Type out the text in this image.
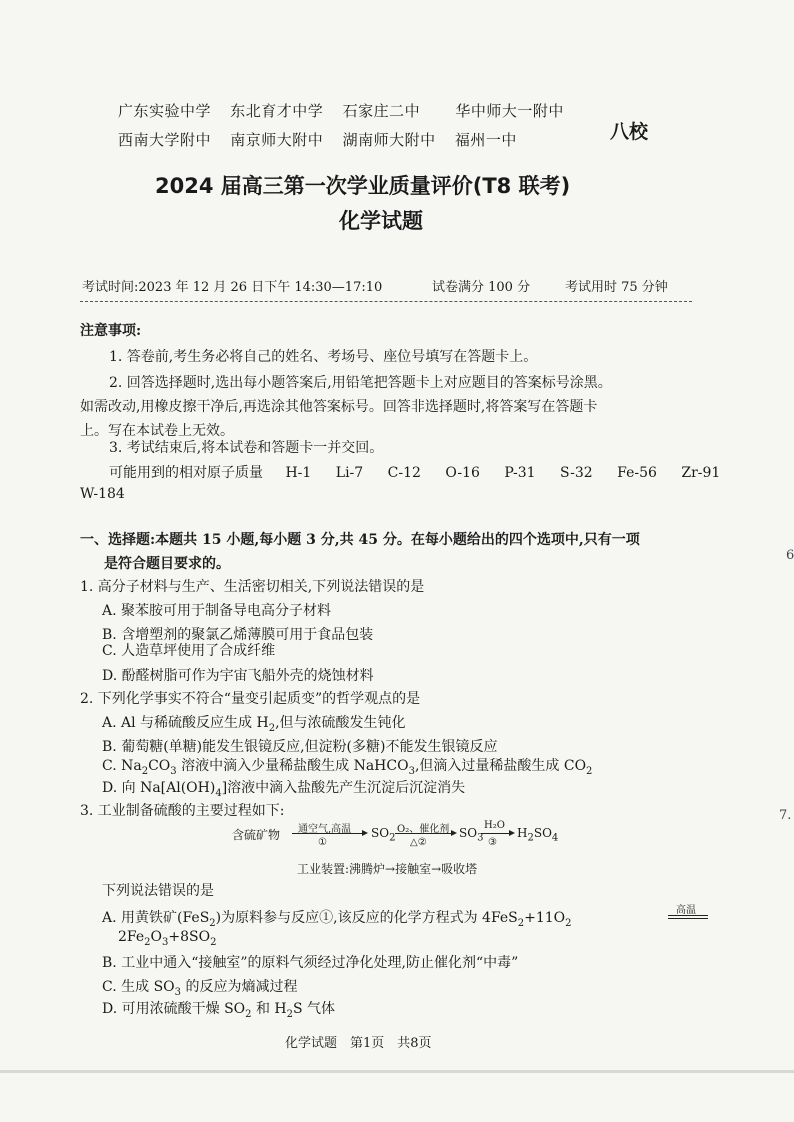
广东实验中学 东北育才中学 石家庄二中 华中师大一附中
西南大学附中 南京师大附中 湖南师大附中 福州一中	八校
2024 届高三第一次学业质量评价(T8 联考)
化学试题
考试时间:2023 年 12 月 26 日下午 14:30—17:10	试卷满分 100 分	考试用时 75 分钟
注意事项:
1. 答卷前,考生务必将自己的姓名、考场号、座位号填写在答题卡上。
2. 回答选择题时,选出每小题答案后,用铅笔把答题卡上对应题目的答案标号涂黑。
如需改动,用橡皮擦干净后,再选涂其他答案标号。回答非选择题时,将答案写在答题卡
上。写在本试卷上无效。
3. 考试结束后,将本试卷和答题卡一并交回。
可能用到的相对原子质量 H-1 Li-7 C-12 O-16 P-31 S-32 Fe-56 Zr-91
W-184
一、选择题:本题共 15 小题,每小题 3 分,共 45 分。在每小题给出的四个选项中,只有一项
是符合题目要求的。
1. 高分子材料与生产、生活密切相关,下列说法错误的是
A. 聚苯胺可用于制备导电高分子材料
B. 含增塑剂的聚氯乙烯薄膜可用于食品包装
C. 人造草坪使用了合成纤维
D. 酚醛树脂可作为宇宙飞船外壳的烧蚀材料
2. 下列化学事实不符合“量变引起质变”的哲学观点的是
A. Al 与稀硫酸反应生成 $H_2$,但与浓硫酸发生钝化
B. 葡萄糖(单糖)能发生银镜反应,但淀粉(多糖)不能发生银镜反应
C. $Na_2CO_3$ 溶液中滴入少量稀盐酸生成 NaHCO$_3$,但滴入过量稀盐酸生成 $CO_2$
D. 向 $Na[Al(OH)_4]$溶液中滴入盐酸先产生沉淀后沉淀消失
3. 工业制备硫酸的主要过程如下:
含硫矿物 通空气,高温
①
$SO_2$
O₂、催化剂
△②
$SO_3$
H₂O
③
$H_2SO_4$
工业装置:沸腾炉→接触室→吸收塔
下列说法错误的是
A. 用黄铁矿(FeS$_2$)为原料参与反应①,该反应的化学方程式为 $4FeS_2+11O_2$
高温
$2Fe_2O_3+8SO_2$
B. 工业中通入“接触室”的原料气须经过净化处理,防止催化剂“中毒”
C. 生成 $SO_3$ 的反应为熵减过程
D. 可用浓硫酸干燥 $SO_2$ 和 $H_2S$ 气体
化学试题　第1页　共8页
6
7.
